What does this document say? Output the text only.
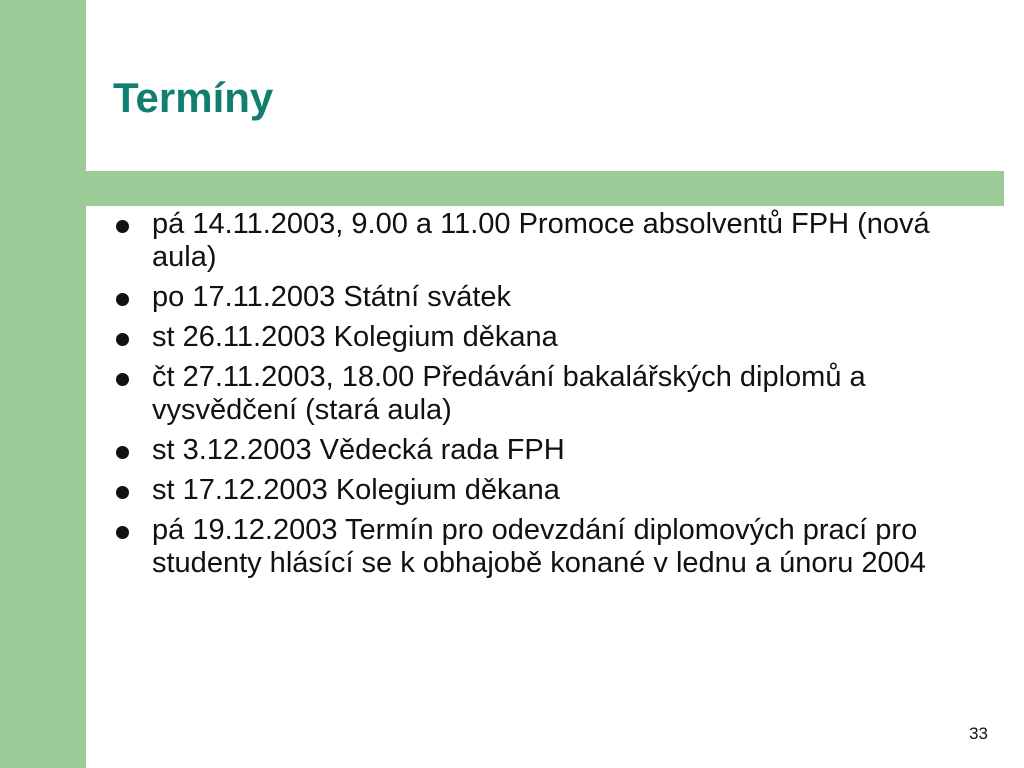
Termíny
pá 14.11.2003, 9.00 a 11.00 Promoce absolventů FPH (nová aula)
po 17.11.2003 Státní svátek
st 26.11.2003 Kolegium děkana
čt 27.11.2003, 18.00 Předávání bakalářských diplomů a vysvědčení (stará aula)
st 3.12.2003 Vědecká rada FPH
st 17.12.2003 Kolegium děkana
pá 19.12.2003 Termín pro odevzdání diplomových prací pro studenty hlásící se k obhajobě konané v lednu a únoru 2004
33
